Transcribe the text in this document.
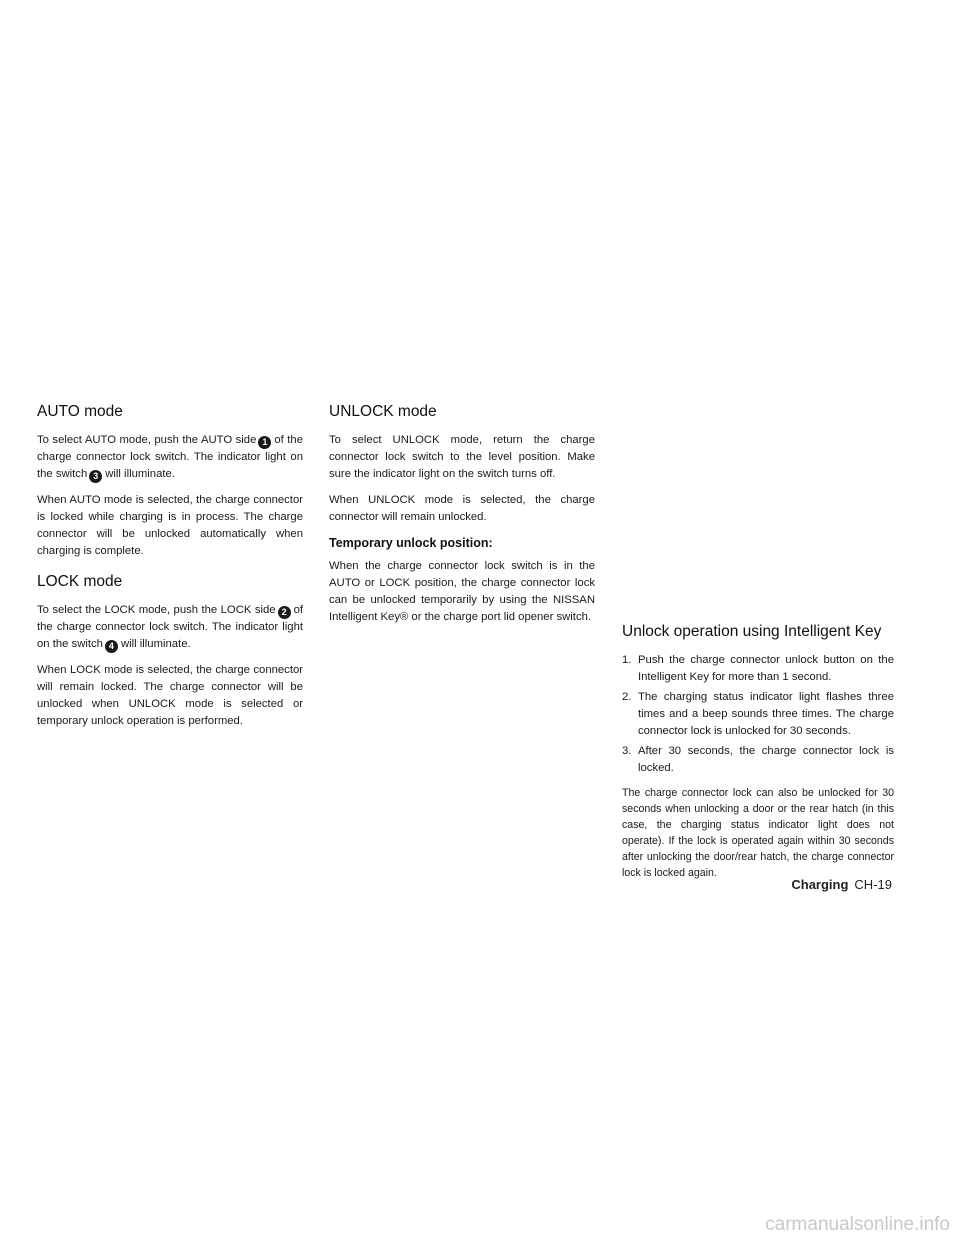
AUTO mode

To select AUTO mode, push the AUTO side 1 of the charge connector lock switch. The indicator light on the switch 3 will illuminate.

When AUTO mode is selected, the charge connector is locked while charging is in process. The charge connector will be unlocked automatically when charging is complete.

LOCK mode

To select the LOCK mode, push the LOCK side 2 of the charge connector lock switch. The indicator light on the switch 4 will illuminate.

When LOCK mode is selected, the charge connector will remain locked. The charge connector will be unlocked when UNLOCK mode is selected or temporary unlock operation is performed.

UNLOCK mode

To select UNLOCK mode, return the charge connector lock switch to the level position. Make sure the indicator light on the switch turns off.

When UNLOCK mode is selected, the charge connector will remain unlocked.

Temporary unlock position:

When the charge connector lock switch is in the AUTO or LOCK position, the charge connector lock can be unlocked temporarily by using the NISSAN Intelligent Key® or the charge port lid opener switch.

Unlock operation using Intelligent Key
1. Push the charge connector unlock button on the Intelligent Key for more than 1 second.
2. The charging status indicator light flashes three times and a beep sounds three times. The charge connector lock is unlocked for 30 seconds.
3. After 30 seconds, the charge connector lock is locked.

The charge connector lock can also be unlocked for 30 seconds when unlocking a door or the rear hatch (in this case, the charging status indicator light does not operate). If the lock is operated again within 30 seconds after unlocking the door/rear hatch, the charge connector lock is locked again.

Charging CH-19
carmanualsonline.info
